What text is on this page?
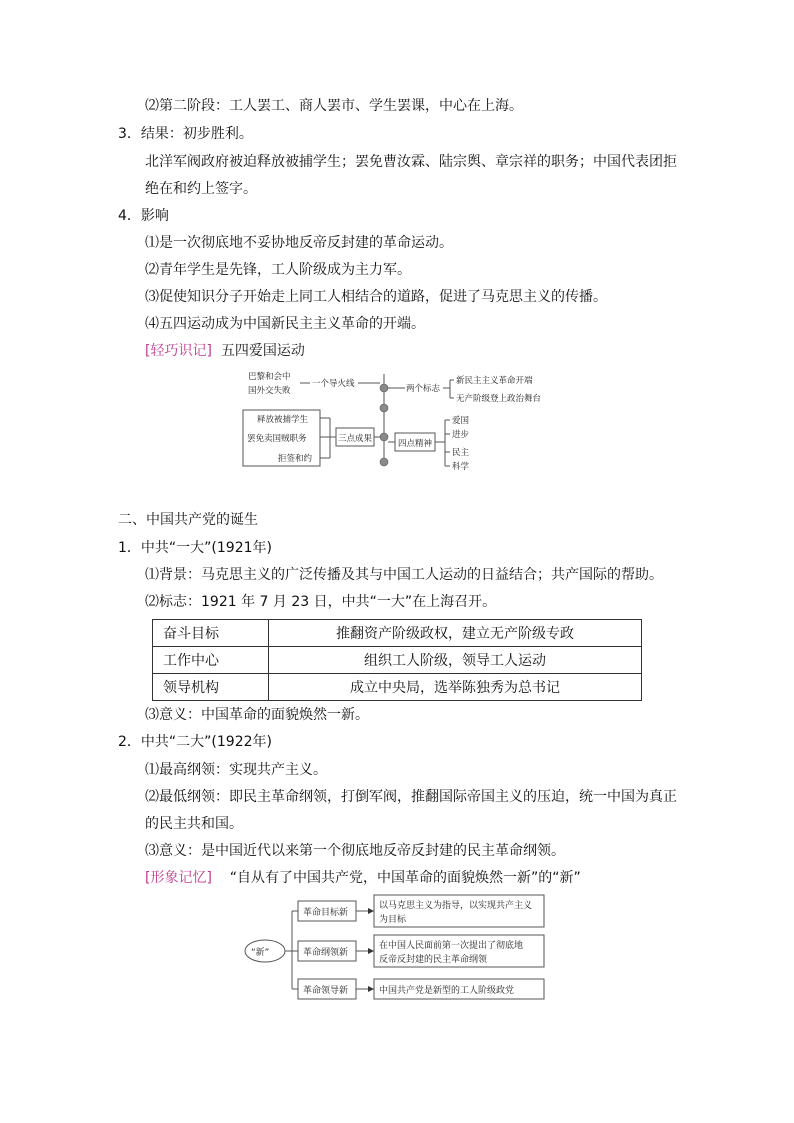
⑵第二阶段：工人罢工、商人罢市、学生罢课，中心在上海。
3．结果：初步胜利。
北洋军阀政府被迫释放被捕学生；罢免曹汝霖、陆宗舆、章宗祥的职务；中国代表团拒
绝在和约上签字。
4．影响
⑴是一次彻底地不妥协地反帝反封建的革命运动。
⑵青年学生是先锋，工人阶级成为主力军。
⑶促使知识分子开始走上同工人相结合的道路，促进了马克思主义的传播。
⑷五四运动成为中国新民主主义革命的开端。
[轻巧识记] 五四爱国运动
巴黎和会中
国外交失败
一个导火线	两个标志
新民主主义革命开端
无产阶级登上政治舞台
释放被捕学生
罢免卖国贼职务
拒签和约
三点成果	四点精神
爱国
进步
民主
科学
二、中国共产党的诞生
1．中共“一大”(1921年)
⑴背景：马克思主义的广泛传播及其与中国工人运动的日益结合；共产国际的帮助。
⑵标志：1921 年 7 月 23 日，中共“一大”在上海召开。
奋斗目标	推翻资产阶级政权，建立无产阶级专政
工作中心	组织工人阶级，领导工人运动
领导机构	成立中央局，选举陈独秀为总书记
⑶意义：中国革命的面貌焕然一新。
2．中共“二大”(1922年)
⑴最高纲领：实现共产主义。
⑵最低纲领：即民主革命纲领，打倒军阀，推翻国际帝国主义的压迫，统一中国为真正
的民主共和国。
⑶意义：是中国近代以来第一个彻底地反帝反封建的民主革命纲领。
[形象记忆] “自从有了中国共产党，中国革命的面貌焕然一新”的“新”
“新”
革命目标新
革命纲领新
革命领导新
以马克思主义为指导，以实现共产主义
为目标
在中国人民面前第一次提出了彻底地
反帝反封建的民主革命纲领
中国共产党是新型的工人阶级政党
